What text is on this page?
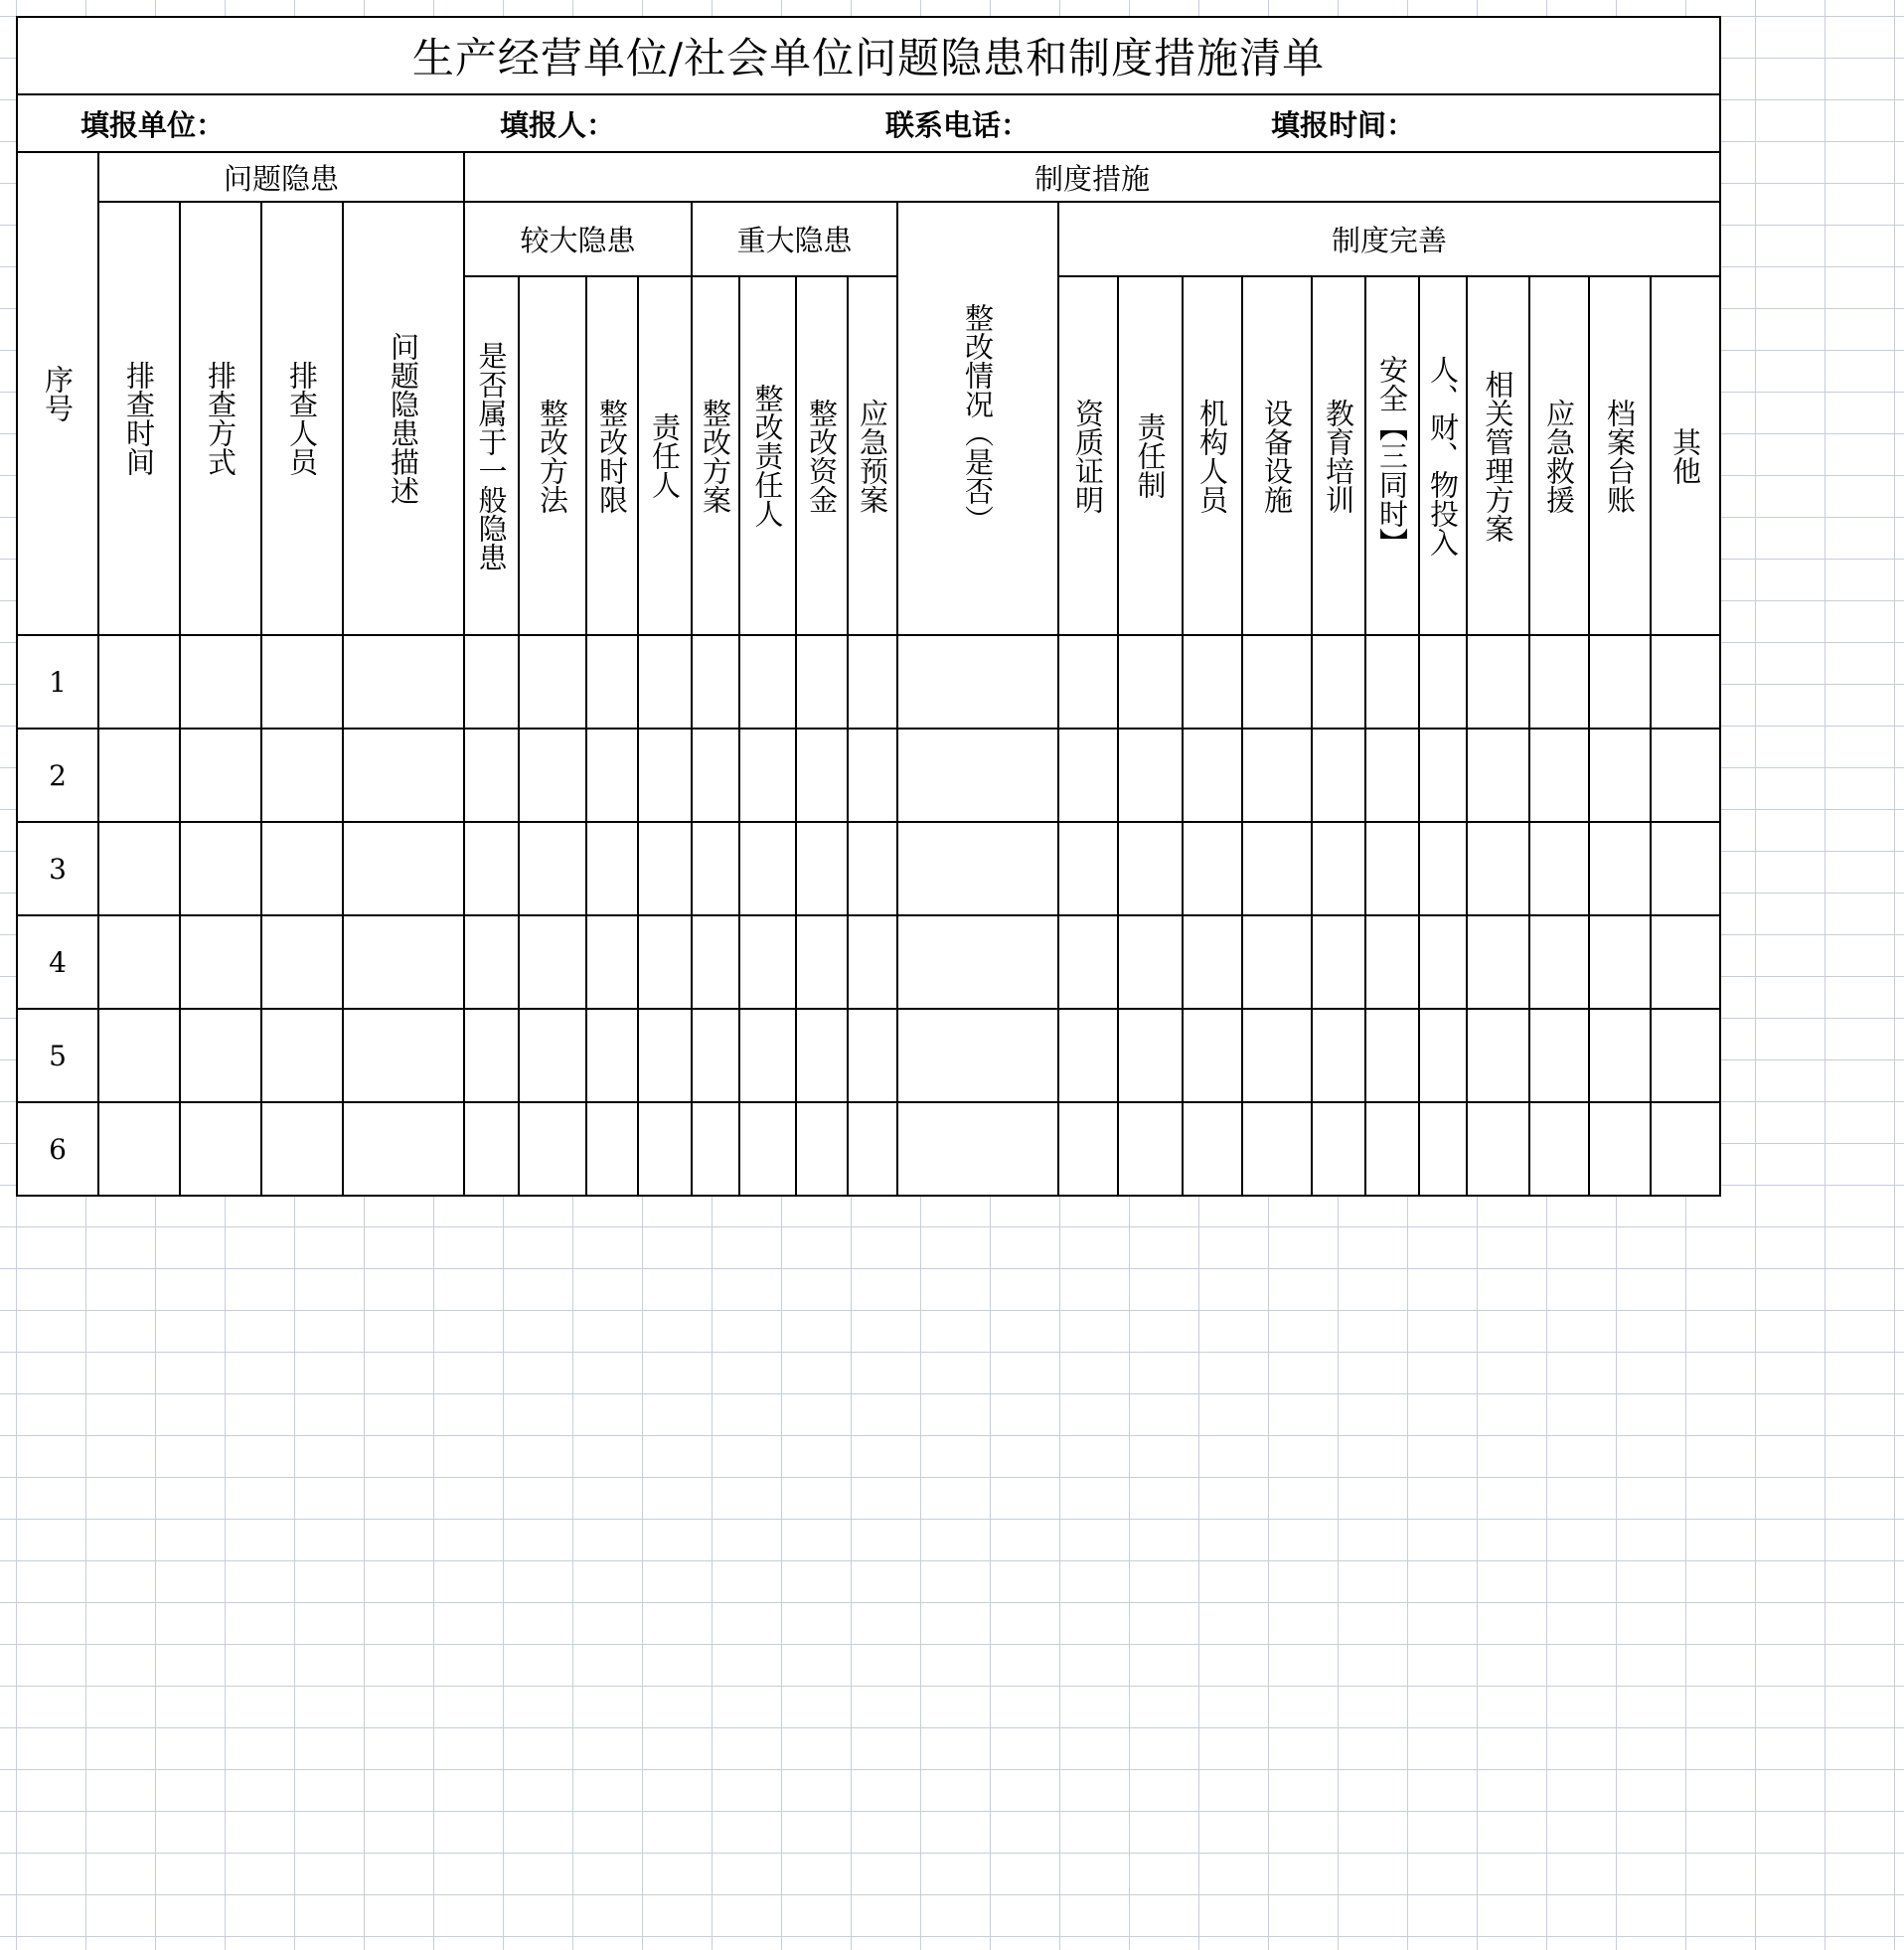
生产经营单位/社会单位问题隐患和制度措施清单																								

填报单位： 填报人： 联系电话： 填报时间：																								

序号	问题隐患				制度措施																			

	排查时间	排查方式	排查人员	问题隐患描述	较大隐患				重大隐患				整改情况（是否）	制度完善										

					是否属于一般隐患	整改方法	整改时限	责任人	整改方案	整改责任人	整改资金	应急预案		资质证明	责任制	机构人员	设备设施	教育培训	安全【三同时】	人、财、物投入	相关管理方案	应急救援	档案台账	其他

1																								
2																								
3																								
4																								
5																								
6																								
